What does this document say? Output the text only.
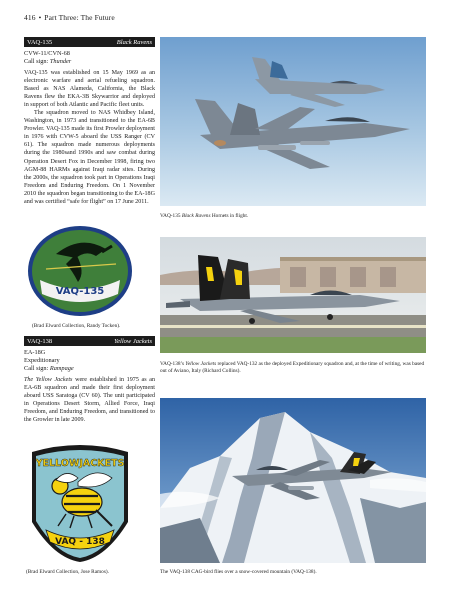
416 • Part Three: The Future
VAQ-135	Black Ravens
CVW-11/CVN-68
Call sign: Thunder

VAQ-135 was established on 15 May 1969 as an electronic warfare and aerial refueling squadron. Based as NAS Alameda, California, the Black Ravens flew the EKA-3B Skywarrior and deployed in support of both Atlantic and Pacific fleet units.

The squadron moved to NAS Whidbey Island, Washington, in 1973 and transitioned to the EA-6B Prowler. VAQ-135 made its first Prowler deployment in 1976 with CVW-5 aboard the USS Ranger (CV 61). The squadron made numerous deployments during the 1980sand 1990s and saw combat during Operation Desert Fox in December 1998, firing two AGM-88 HARMs against Iraqi radar sites. During the 2000s, the squadron took part in Operations Iraqi Freedom and Enduring Freedom. On 1 November 2010 the squadron began transitioning to the EA-18G and was certified “safe for flight” on 17 June 2011.

VAQ-135 Black Ravens Hornets in flight.
VAQ-135
(Brad Elward Collection, Randy Tocken).
VAQ-138	Yellow Jackets
EA-18G
Expeditionary
Call sign: Rampage

The Yellow Jackets were established in 1975 as an EA-6B squadron and made their first deployment aboard USS Saratoga (CV 60). The unit participated in Operations Desert Storm, Allied Force, Iraqi Freedom, and Enduring Freedom, and transitioned to the Growler in late 2009.

VAQ-138’s Yellow Jackets replaced VAQ-132 as the deployed Expeditionary squadron and, at the time of writing, was based out of Aviano, Italy (Richard Collins).
YELLOWJACKETS
VAQ - 138
(Brad Elward Collection, Jose Ramos).	The VAQ-138 CAG-bird flies over a snow-covered mountain (VAQ-138).
